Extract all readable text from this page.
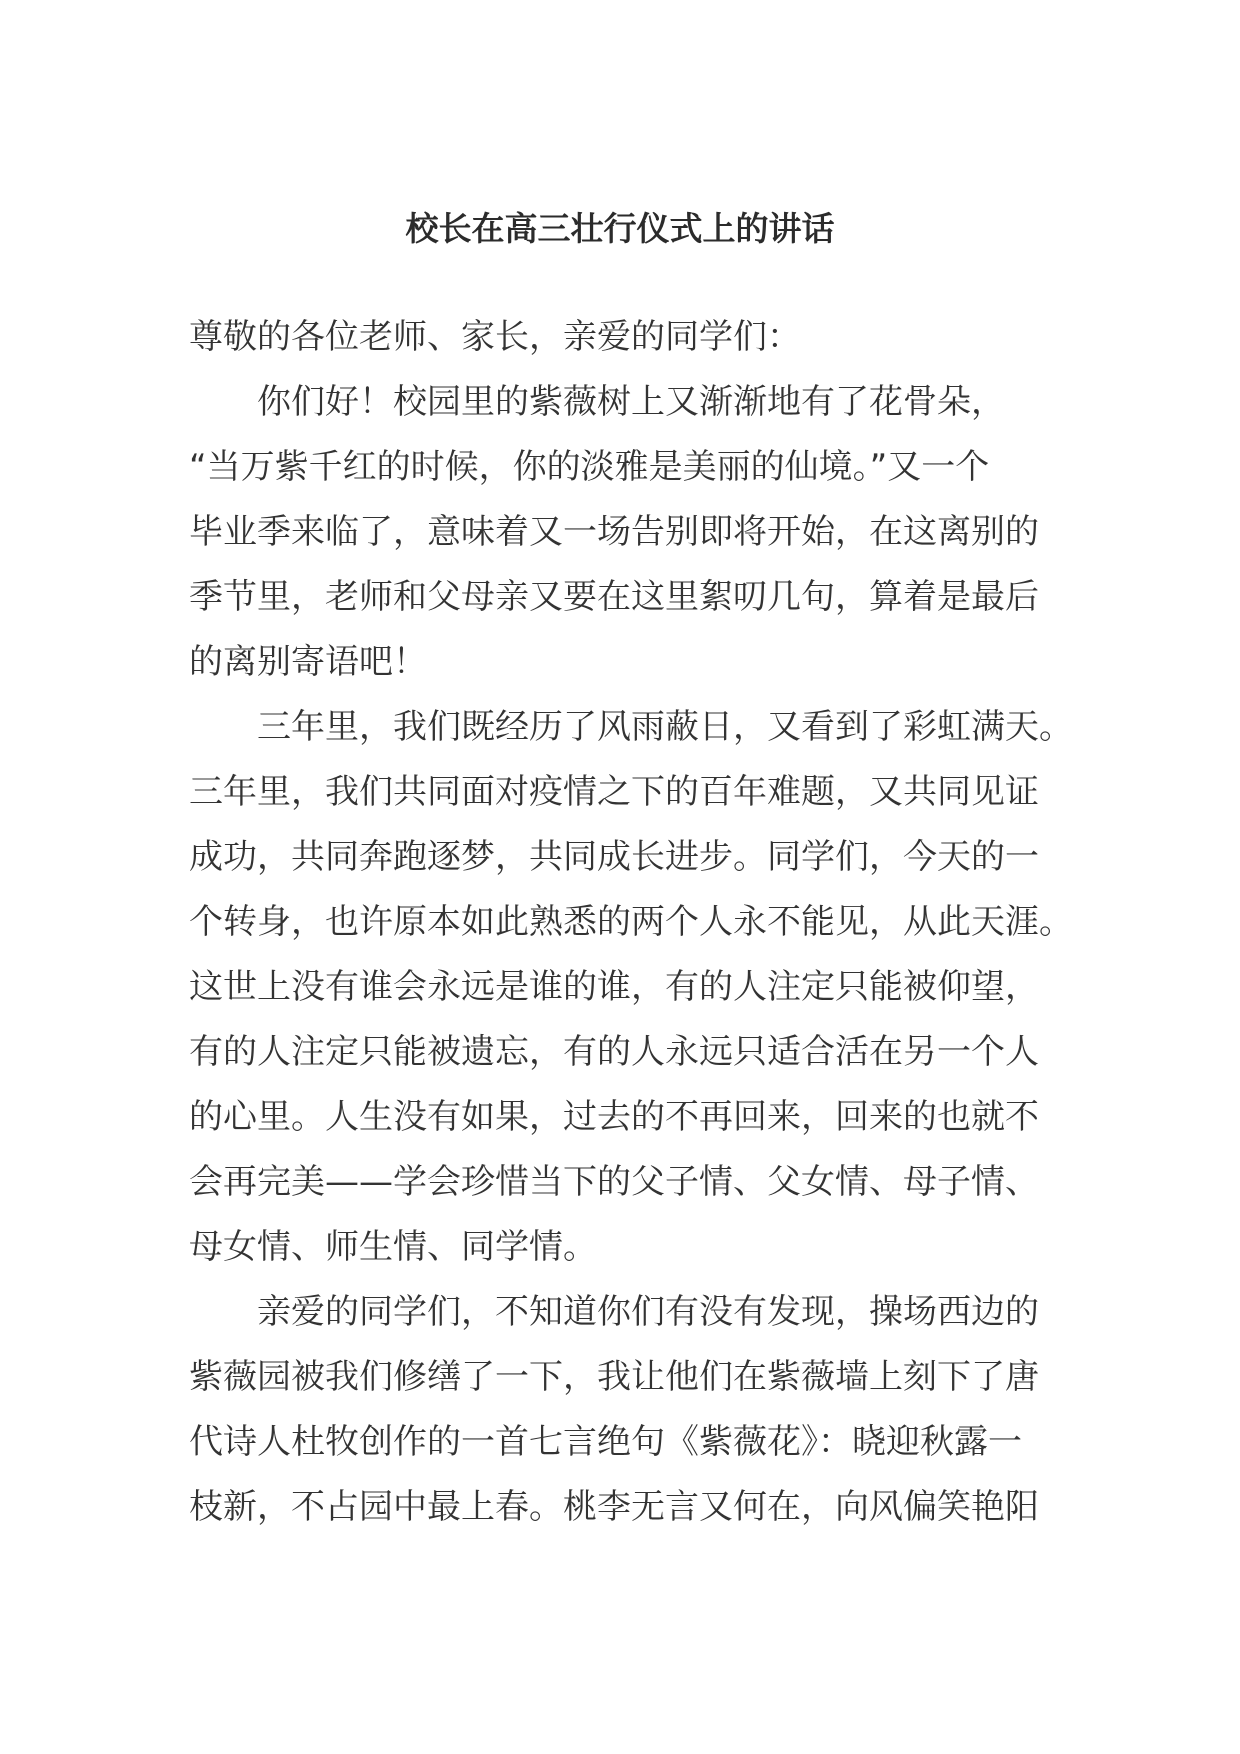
校长在高三壮行仪式上的讲话
尊敬的各位老师、家长，亲爱的同学们：
你们好！校园里的紫薇树上又渐渐地有了花骨朵，
“当万紫千红的时候，你的淡雅是美丽的仙境。”又一个
毕业季来临了，意味着又一场告别即将开始，在这离别的
季节里，老师和父母亲又要在这里絮叨几句，算着是最后
的离别寄语吧！
三年里，我们既经历了风雨蔽日，又看到了彩虹满天。
三年里，我们共同面对疫情之下的百年难题，又共同见证
成功，共同奔跑逐梦，共同成长进步。同学们，今天的一
个转身，也许原本如此熟悉的两个人永不能见，从此天涯。
这世上没有谁会永远是谁的谁，有的人注定只能被仰望，
有的人注定只能被遗忘，有的人永远只适合活在另一个人
的心里。人生没有如果，过去的不再回来，回来的也就不
会再完美——学会珍惜当下的父子情、父女情、母子情、
母女情、师生情、同学情。
亲爱的同学们，不知道你们有没有发现，操场西边的
紫薇园被我们修缮了一下，我让他们在紫薇墙上刻下了唐
代诗人杜牧创作的一首七言绝句《紫薇花》：晓迎秋露一
枝新，不占园中最上春。桃李无言又何在，向风偏笑艳阳
